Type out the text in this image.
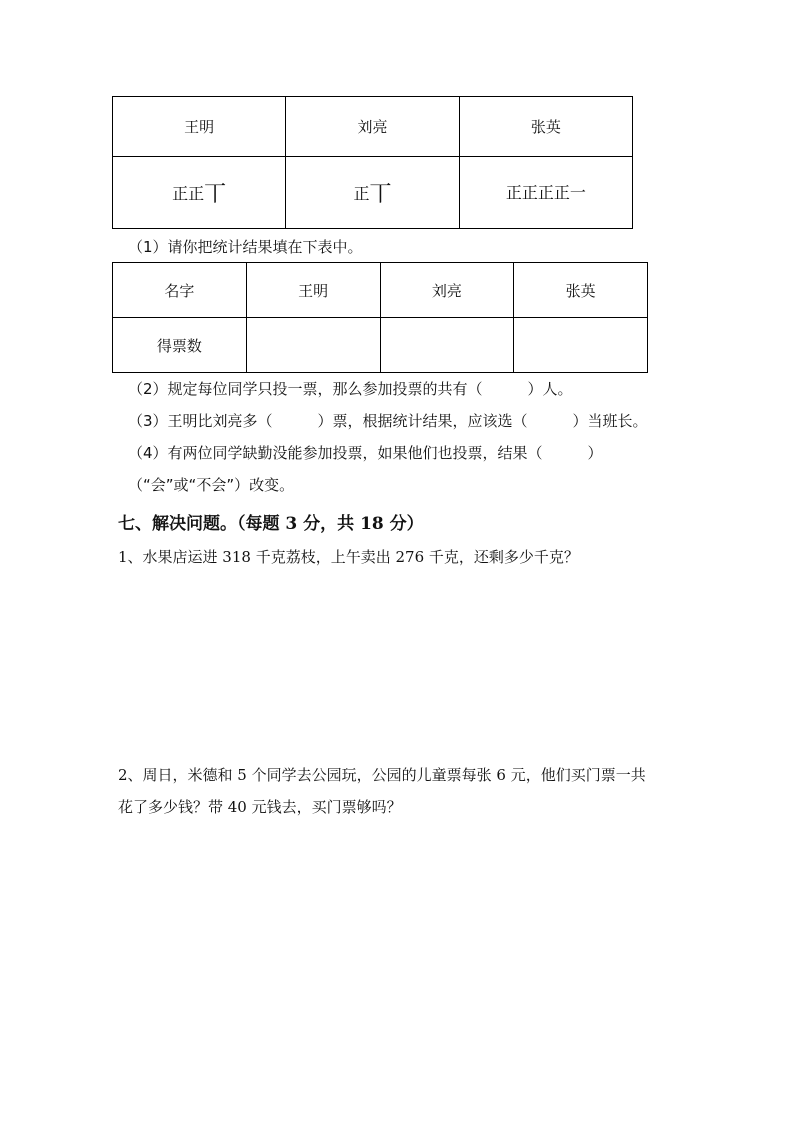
王明	刘亮	张英
正正丅	正丅	正正正正一
（1）请你把统计结果填在下表中。
名字	王明	刘亮	张英
得票数			
（2）规定每位同学只投一票，那么参加投票的共有（　　　）人。
（3）王明比刘亮多（　　　）票，根据统计结果，应该选（　　　）当班长。
（4）有两位同学缺勤没能参加投票，如果他们也投票，结果（　　　）
（“会”或“不会”）改变。
七、解决问题。（每题 3 分，共 18 分）
1、水果店运进 318 千克荔枝，上午卖出 276 千克，还剩多少千克？
2、周日，米德和 5 个同学去公园玩，公园的儿童票每张 6 元，他们买门票一共
花了多少钱？带 40 元钱去，买门票够吗？
